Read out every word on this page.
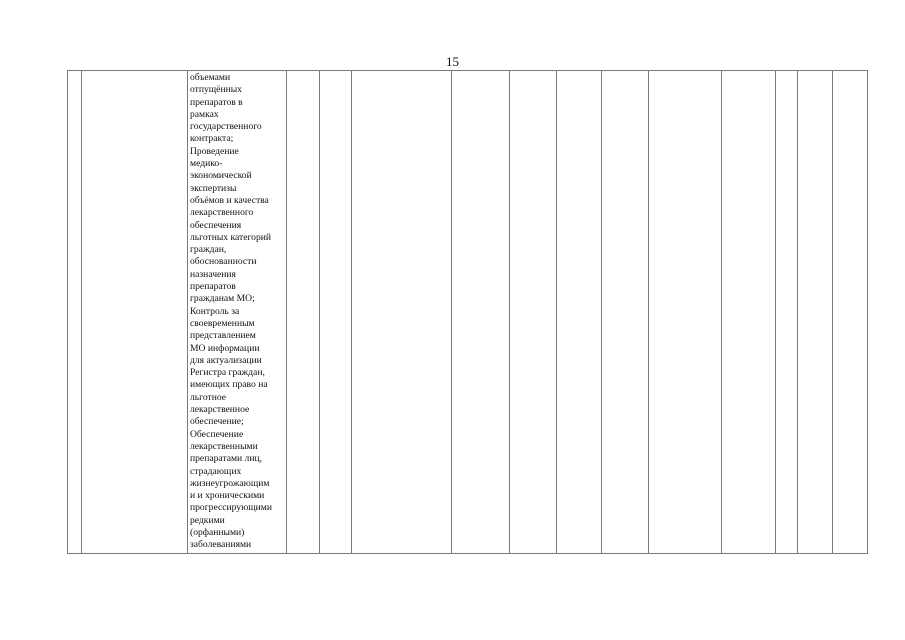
15

объемами
отпущённых
препаратов в
рамках
государственного
контракта;
Проведение
медико-
экономической
экспертизы
объёмов и качества
лекарственного
обеспечения
льготных категорий
граждан,
обоснованности
назначения
препаратов
гражданам МО;
Контроль за
своевременным
представлением
МО информации
для актуализации
Регистра граждан,
имеющих право на
льготное
лекарственное
обеспечение;
Обеспечение
лекарственными
препаратами лиц,
страдающих
жизнеугрожающим
и и хроническими
прогрессирующими
редкими
(орфанными)
заболеваниями
